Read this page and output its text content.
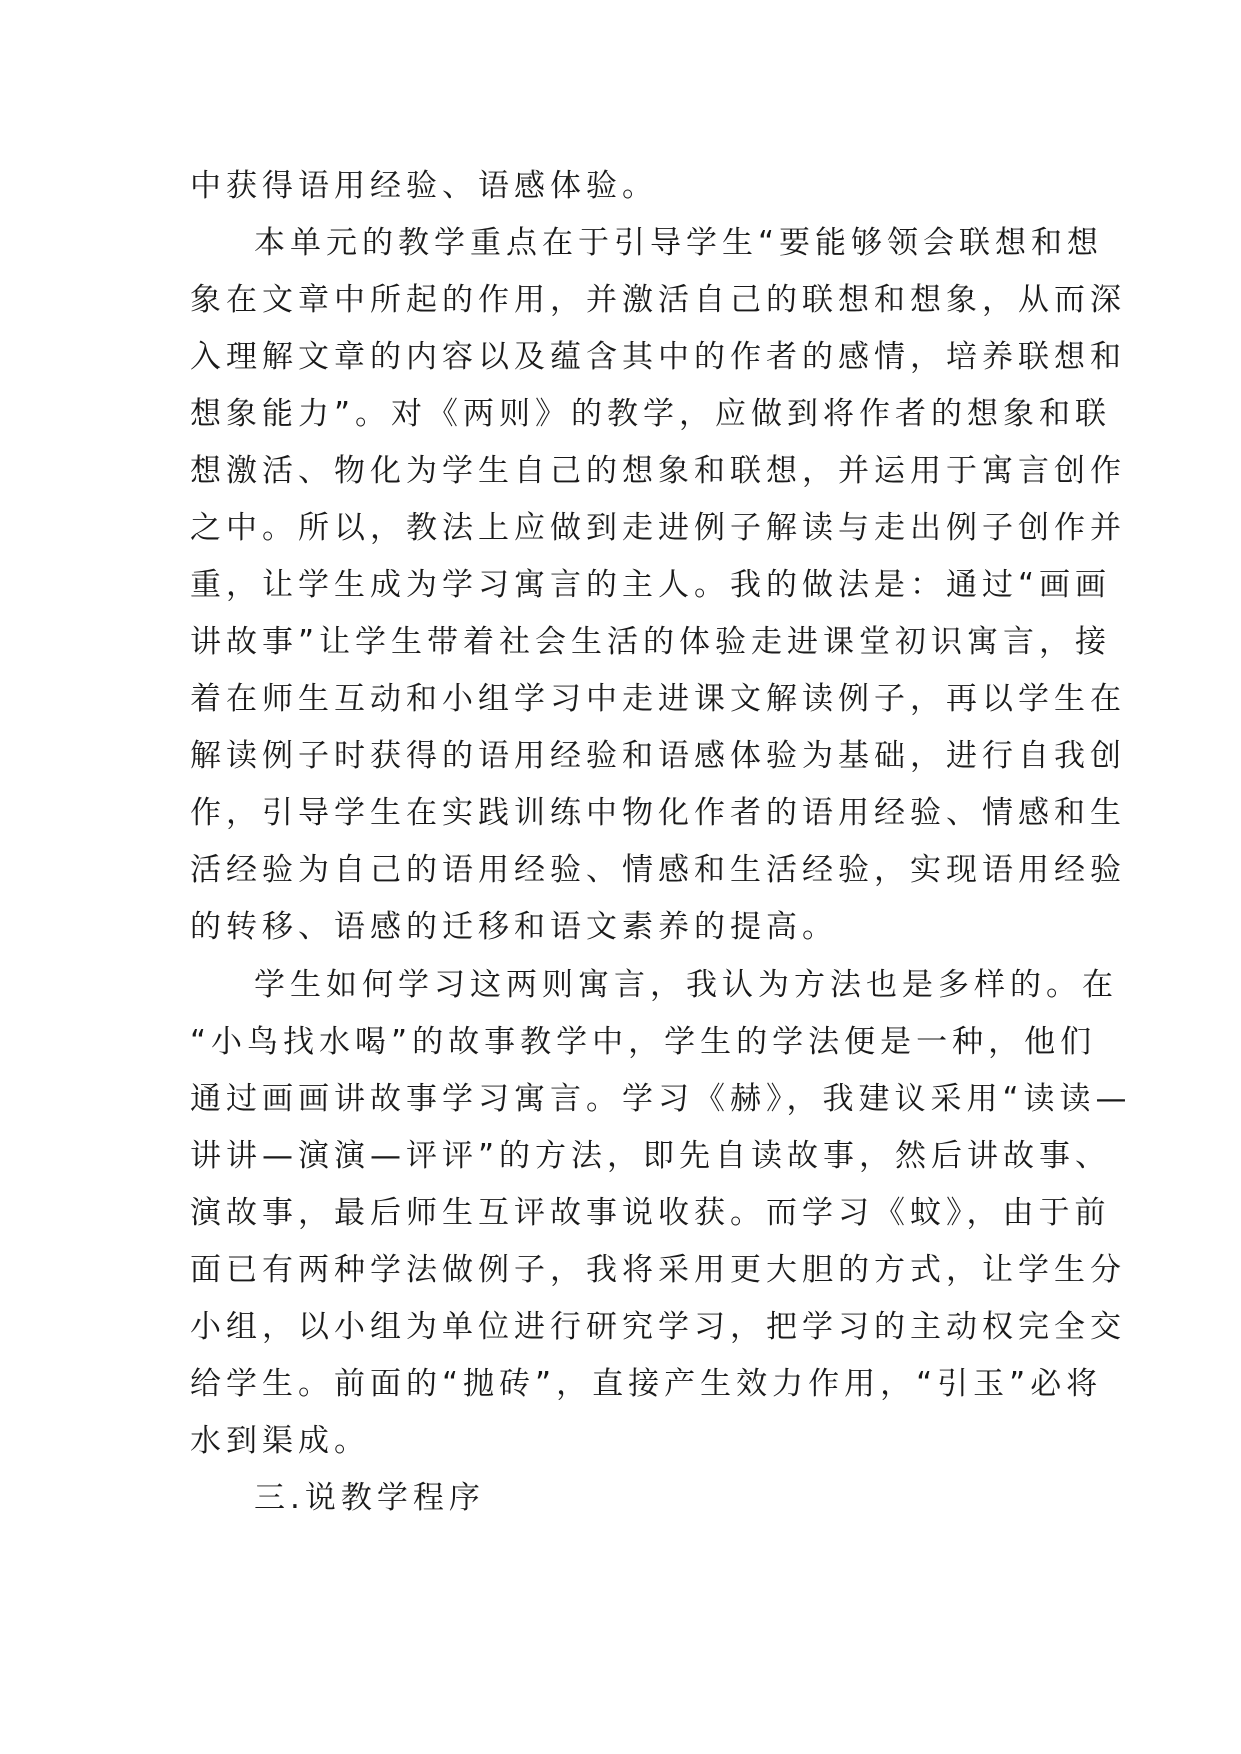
中获得语用经验、语感体验。
本单元的教学重点在于引导学生“要能够领会联想和想
象在文章中所起的作用，并激活自己的联想和想象，从而深
入理解文章的内容以及蕴含其中的作者的感情，培养联想和
想象能力”。对《两则》的教学，应做到将作者的想象和联
想激活、物化为学生自己的想象和联想，并运用于寓言创作
之中。所以，教法上应做到走进例子解读与走出例子创作并
重，让学生成为学习寓言的主人。我的做法是：通过“画画
讲故事”让学生带着社会生活的体验走进课堂初识寓言，接
着在师生互动和小组学习中走进课文解读例子，再以学生在
解读例子时获得的语用经验和语感体验为基础，进行自我创
作，引导学生在实践训练中物化作者的语用经验、情感和生
活经验为自己的语用经验、情感和生活经验，实现语用经验
的转移、语感的迁移和语文素养的提高。
学生如何学习这两则寓言，我认为方法也是多样的。在
“小鸟找水喝”的故事教学中，学生的学法便是一种，他们
通过画画讲故事学习寓言。学习《赫》，我建议采用“读读—
讲讲—演演—评评”的方法，即先自读故事，然后讲故事、
演故事，最后师生互评故事说收获。而学习《蚊》，由于前
面已有两种学法做例子，我将采用更大胆的方式，让学生分
小组，以小组为单位进行研究学习，把学习的主动权完全交
给学生。前面的“抛砖”，直接产生效力作用，“引玉”必将
水到渠成。
三.说教学程序
